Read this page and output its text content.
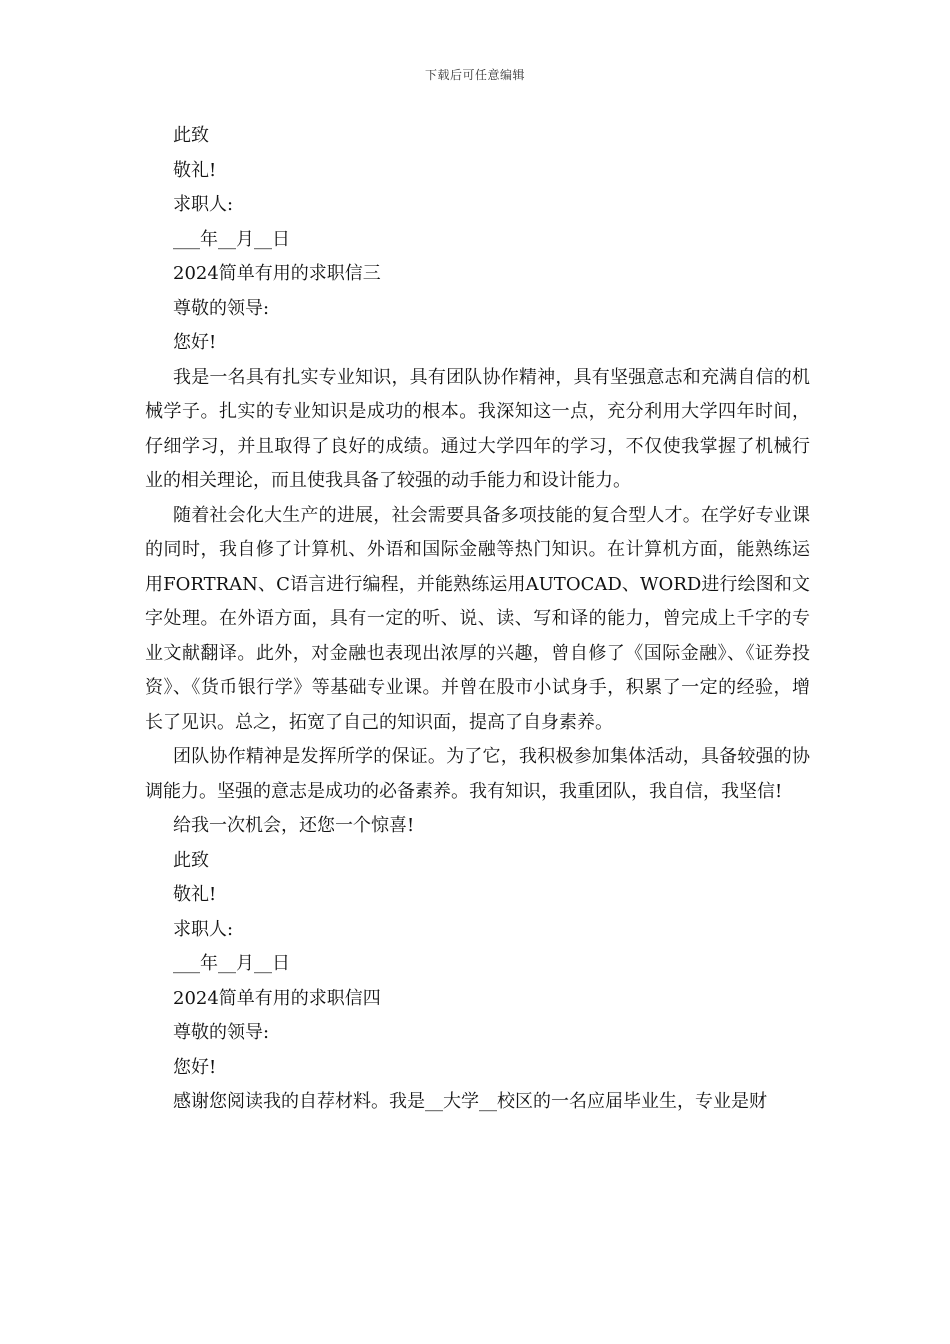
下载后可任意编辑

此致

敬礼!

求职人:

___年__月__日

2024简单有用的求职信三

尊敬的领导:

您好!

我是一名具有扎实专业知识，具有团队协作精神，具有坚强意志和充满自信的机械学子。扎实的专业知识是成功的根本。我深知这一点，充分利用大学四年时间，仔细学习，并且取得了良好的成绩。通过大学四年的学习，不仅使我掌握了机械行业的相关理论，而且使我具备了较强的动手能力和设计能力。

随着社会化大生产的进展，社会需要具备多项技能的复合型人才。在学好专业课的同时，我自修了计算机、外语和国际金融等热门知识。在计算机方面，能熟练运用FORTRAN、C语言进行编程，并能熟练运用AUTOCAD、WORD进行绘图和文字处理。在外语方面，具有一定的听、说、读、写和译的能力，曾完成上千字的专业文献翻译。此外，对金融也表现出浓厚的兴趣，曾自修了《国际金融》、《证券投资》、《货币银行学》等基础专业课。并曾在股市小试身手，积累了一定的经验，增长了见识。总之，拓宽了自己的知识面，提高了自身素养。

团队协作精神是发挥所学的保证。为了它，我积极参加集体活动，具备较强的协调能力。坚强的意志是成功的必备素养。我有知识，我重团队，我自信，我坚信!

给我一次机会，还您一个惊喜!

此致

敬礼!

求职人:

___年__月__日

2024简单有用的求职信四

尊敬的领导:

您好!

感谢您阅读我的自荐材料。我是__大学__校区的一名应届毕业生，专业是财
